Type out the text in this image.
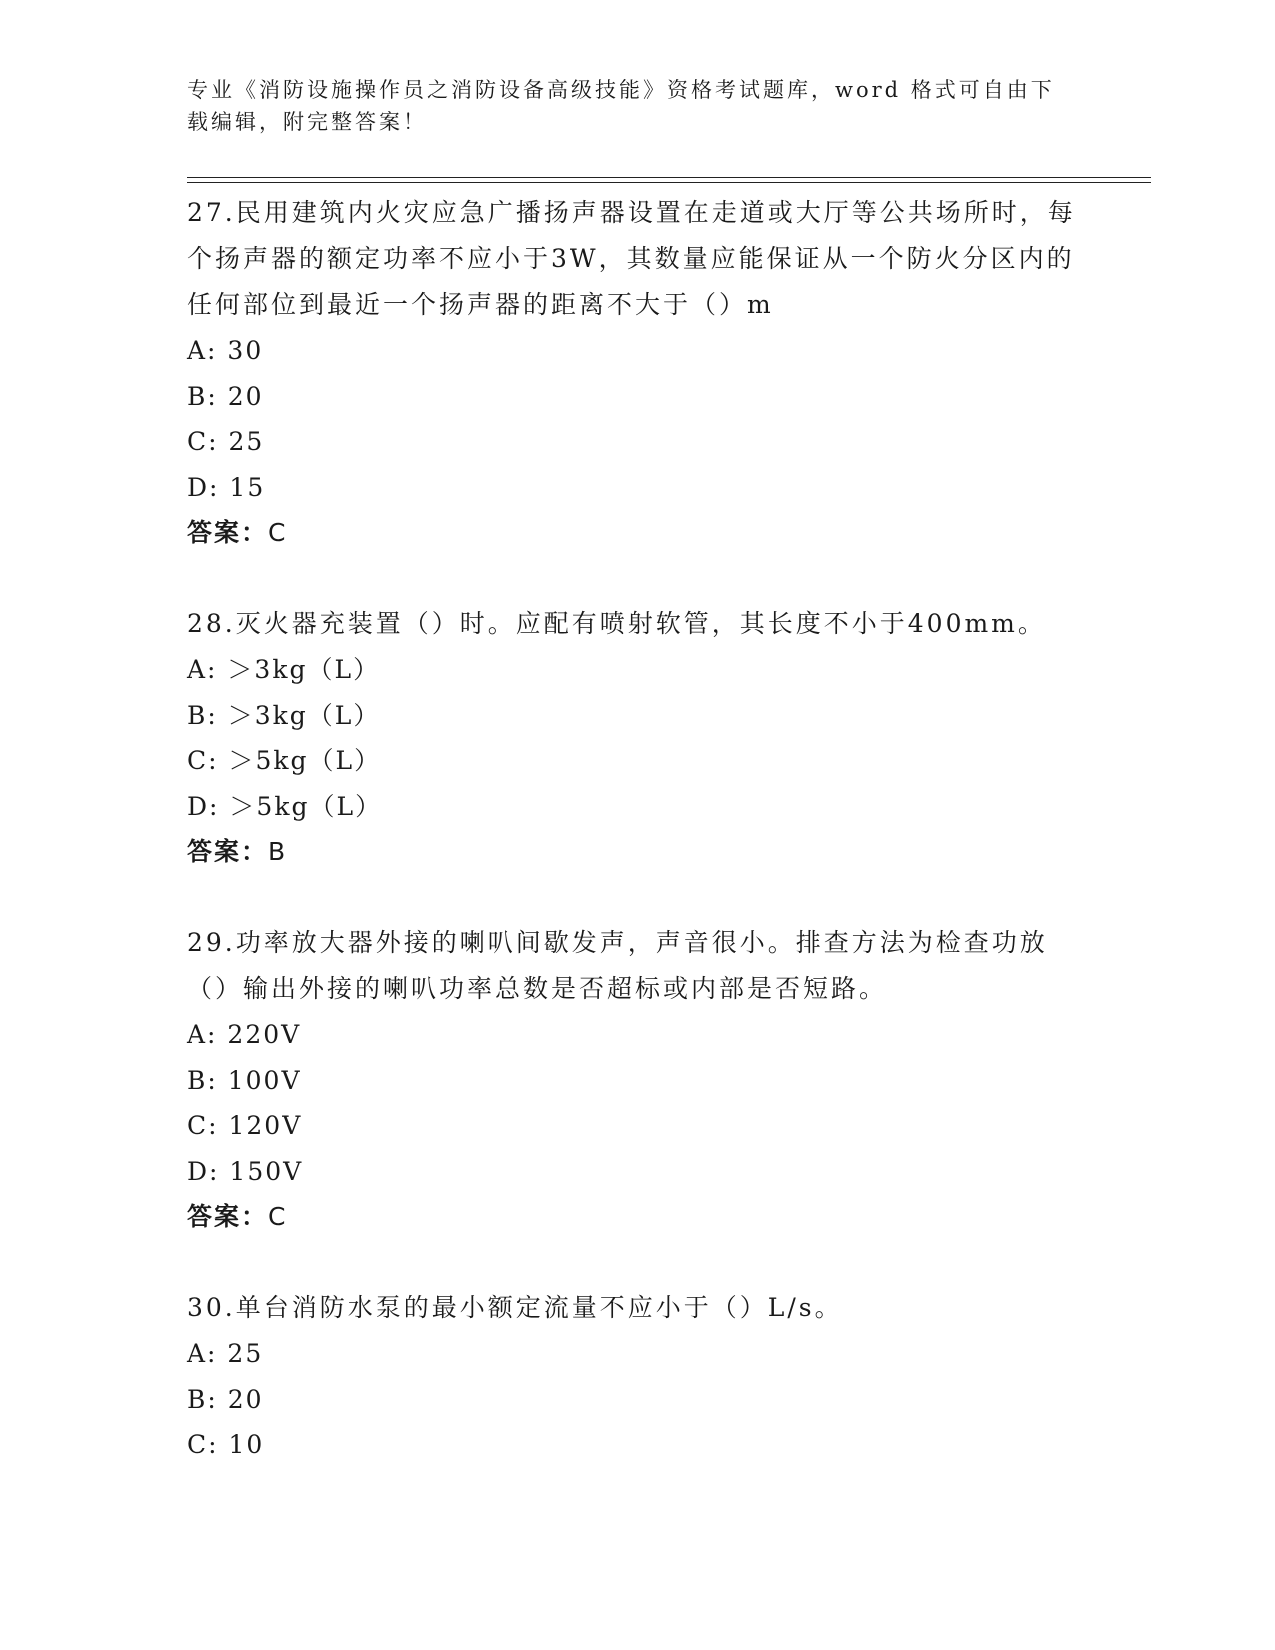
专业《消防设施操作员之消防设备高级技能》资格考试题库，word 格式可自由下载编辑，附完整答案！

27.民用建筑内火灾应急广播扬声器设置在走道或大厅等公共场所时，每个扬声器的额定功率不应小于3W，其数量应能保证从一个防火分区内的任何部位到最近一个扬声器的距离不大于（）m

A: 30

B: 20

C: 25

D: 15

答案：C

28.灭火器充装置（）时。应配有喷射软管，其长度不小于400mm。

A: ＞3kg（L）

B: ＞3kg（L）

C: ＞5kg（L）

D: ＞5kg（L）

答案：B

29.功率放大器外接的喇叭间歇发声，声音很小。排查方法为检查功放（）输出外接的喇叭功率总数是否超标或内部是否短路。

A: 220V

B: 100V

C: 120V

D: 150V

答案：C

30.单台消防水泵的最小额定流量不应小于（）L/s。

A: 25

B: 20

C: 10
